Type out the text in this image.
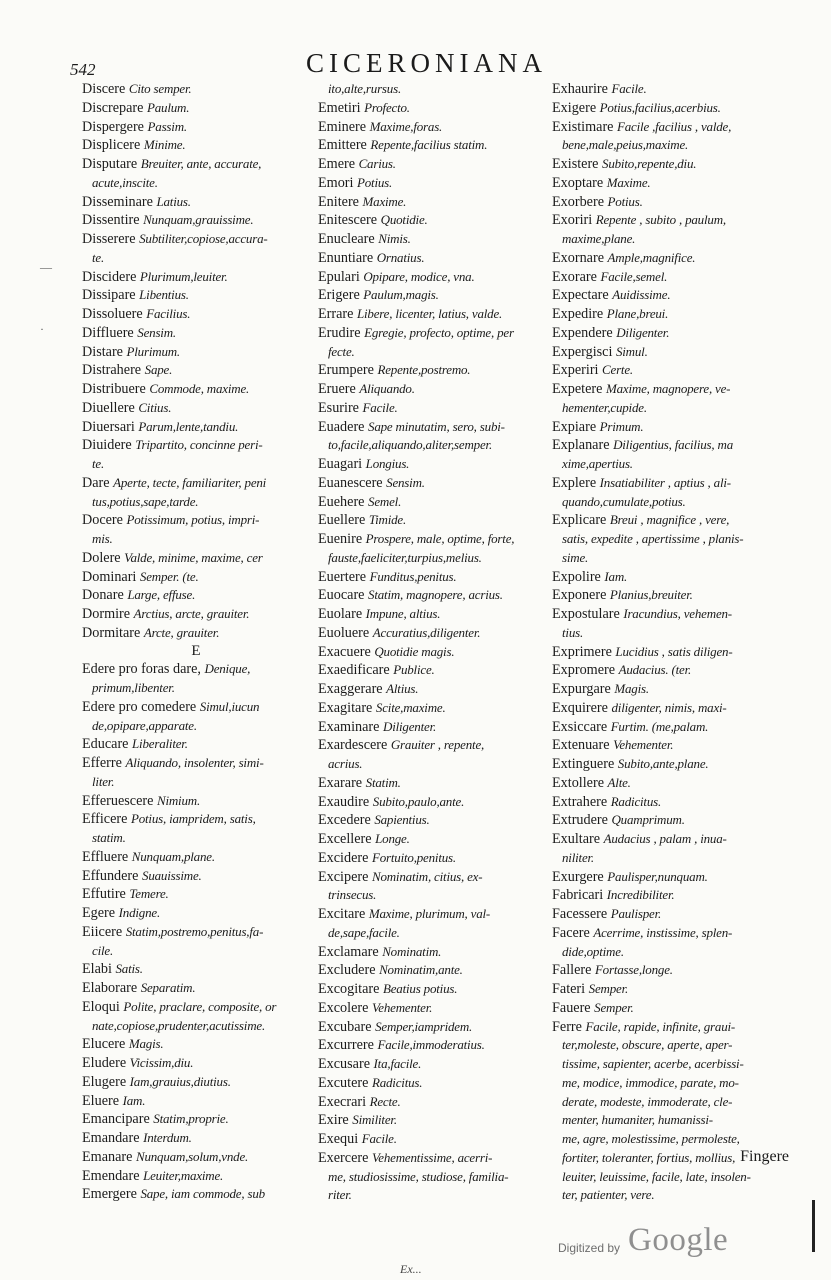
542	CICERONIANA
Discere Cito semper.
Discrepare Paulum.
Dispergere Passim.
Displicere Minime.
Disputare Breuiter, ante, accurate,
acute,inscite.
Disseminare Latius.
Dissentire Nunquam,grauissime.
Disserere Subtiliter,copiose,accura-
te.
Discidere Plurimum,leuiter.
Dissipare Libentius.
Dissoluere Facilius.
Diffluere Sensim.
Distare Plurimum.
Distrahere Sape.
Distribuere Commode, maxime.
Diuellere Citius.
Diuersari Parum,lente,tandiu.
Diuidere Tripartito, concinne peri-
te.
Dare Aperte, tecte, familiariter, peni
tus,potius,sape,tarde.
Docere Potissimum, potius, impri-
mis.
Dolere Valde, minime, maxime, cer
Dominari Semper. (te.
Donare Large, effuse.
Dormire Arctius, arcte, grauiter.
Dormitare Arcte, grauiter.
E
Edere pro foras dare, Denique,
primum,libenter.
Edere pro comedere Simul,iucun
de,opipare,apparate.
Educare Liberaliter.
Efferre Aliquando, insolenter, simi-
liter.
Efferuescere Nimium.
Efficere Potius, iampridem, satis,
statim.
Effluere Nunquam,plane.
Effundere Suauissime.
Effutire Temere.
Egere Indigne.
Eiicere Statim,postremo,penitus,fa-
cile.
Elabi Satis.
Elaborare Separatim.
Eloqui Polite, praclare, composite, or
nate,copiose,prudenter,acutissime.
Elucere Magis.
Eludere Vicissim,diu.
Elugere Iam,grauius,diutius.
Eluere Iam.
Emancipare Statim,proprie.
Emandare Interdum.
Emanare Nunquam,solum,vnde.
Emendare Leuiter,maxime.
Emergere Sape, iam commode, sub
ito,alte,rursus.
Emetiri Profecto.
Eminere Maxime,foras.
Emittere Repente,facilius statim.
Emere Carius.
Emori Potius.
Enitere Maxime.
Enitescere Quotidie.
Enucleare Nimis.
Enuntiare Ornatius.
Epulari Opipare, modice, vna.
Erigere Paulum,magis.
Errare Libere, licenter, latius, valde.
Erudire Egregie, profecto, optime, per
fecte.
Erumpere Repente,postremo.
Eruere Aliquando.
Esurire Facile.
Euadere Sape minutatim, sero, subi-
to,facile,aliquando,aliter,semper.
Euagari Longius.
Euanescere Sensim.
Euehere Semel.
Euellere Timide.
Euenire Prospere, male, optime, forte,
fauste,faeliciter,turpius,melius.
Euertere Funditus,penitus.
Euocare Statim, magnopere, acrius.
Euolare Impune, altius.
Euoluere Accuratius,diligenter.
Exacuere Quotidie magis.
Exaedificare Publice.
Exaggerare Altius.
Exagitare Scite,maxime.
Examinare Diligenter.
Exardescere Grauiter , repente,
acrius.
Exarare Statim.
Exaudire Subito,paulo,ante.
Excedere Sapientius.
Excellere Longe.
Excidere Fortuito,penitus.
Excipere Nominatim, citius, ex-
trinsecus.
Excitare Maxime, plurimum, val-
de,sape,facile.
Exclamare Nominatim.
Excludere Nominatim,ante.
Excogitare Beatius potius.
Excolere Vehementer.
Excubare Semper,iampridem.
Excurrere Facile,immoderatius.
Excusare Ita,facile.
Excutere Radicitus.
Execrari Recte.
Exire Similiter.
Exequi Facile.
Exercere Vehementissime, acerri-
me, studiosissime, studiose, familia-
riter.
Exhaurire Facile.
Exigere Potius,facilius,acerbius.
Existimare Facile ,facilius , valde,
bene,male,peius,maxime.
Existere Subito,repente,diu.
Exoptare Maxime.
Exorbere Potius.
Exoriri Repente , subito , paulum,
maxime,plane.
Exornare Ample,magnifice.
Exorare Facile,semel.
Expectare Auidissime.
Expedire Plane,breui.
Expendere Diligenter.
Expergisci Simul.
Experiri Certe.
Expetere Maxime, magnopere, ve-
hementer,cupide.
Expiare Primum.
Explanare Diligentius, facilius, ma
xime,apertius.
Explere Insatiabiliter , aptius , ali-
quando,cumulate,potius.
Explicare Breui , magnifice , vere,
satis, expedite , apertissime , planis-
sime.
Expolire Iam.
Exponere Planius,breuiter.
Expostulare Iracundius, vehemen-
tius.
Exprimere Lucidius , satis diligen-
Expromere Audacius. (ter.
Expurgare Magis.
Exquirere diligenter, nimis, maxi-
Exsiccare Furtim. (me,palam.
Extenuare Vehementer.
Extinguere Subito,ante,plane.
Extollere Alte.
Extrahere Radicitus.
Extrudere Quamprimum.
Exultare Audacius , palam , inua-
niliter.
Exurgere Paulisper,nunquam.
Fabricari Incredibiliter.
Facessere Paulisper.
Facere Acerrime, instissime, splen-
dide,optime.
Fallere Fortasse,longe.
Fateri Semper.
Fauere Semper.
Ferre Facile, rapide, infinite, graui-
ter,moleste, obscure, aperte, aper-
tissime, sapienter, acerbe, acerbissi-
me, modice, immodice, parate, mo-
derate, modeste, immoderate, cle-
menter, humaniter, humanissi-
me, agre, molestissime, permoleste,
fortiter, toleranter, fortius, mollius,
leuiter, leuissime, facile, late, insolen-
ter, patienter, vere.
—
·
Fingere
Ex...
Digitized by Google
